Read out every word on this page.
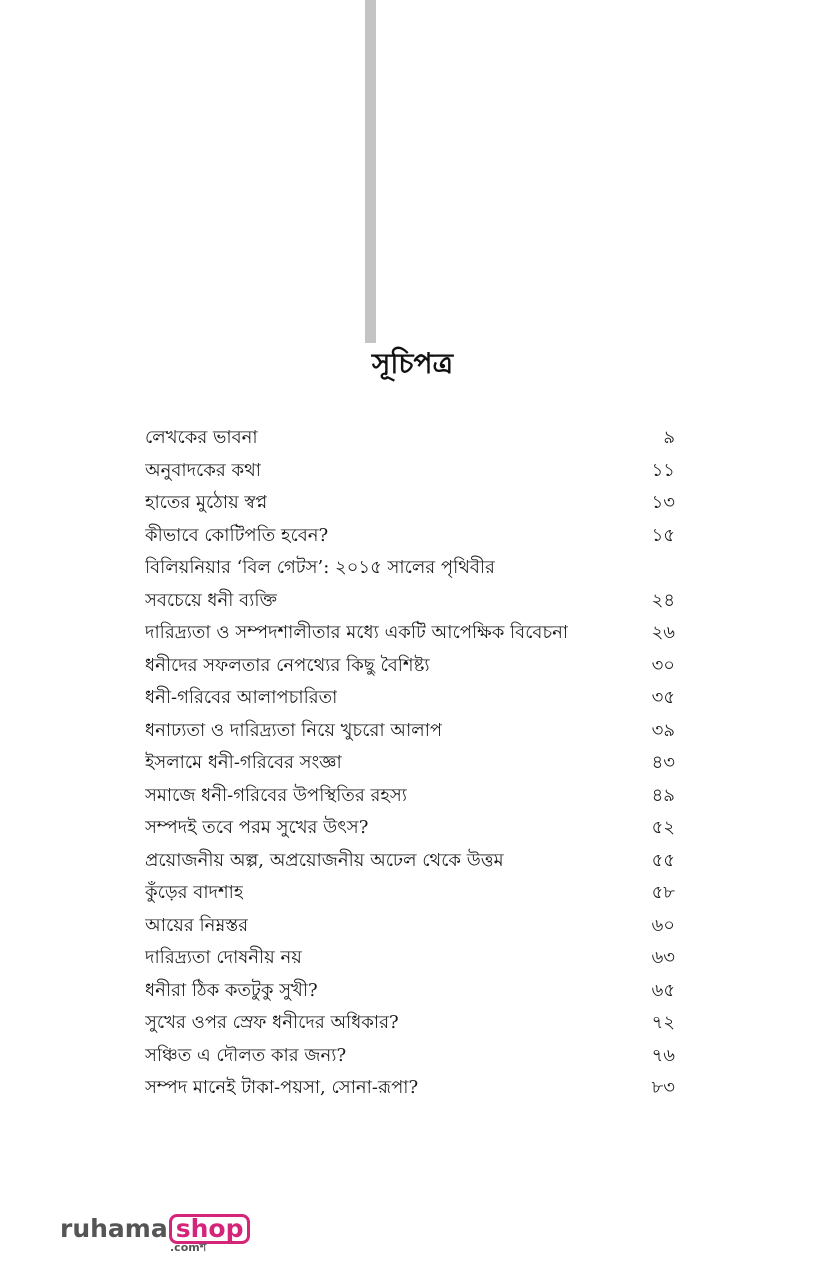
সূচিপত্র
লেখকের ভাবনা	৯
অনুবাদকের কথা	১১
হাতের মুঠোয় স্বপ্ন	১৩
কীভাবে কোটিপতি হবেন?	১৫
বিলিয়নিয়ার ‘বিল গেটস’: ২০১৫ সালের পৃথিবীর
সবচেয়ে ধনী ব্যক্তি	২৪
দারিদ্র্যতা ও সম্পদশালীতার মধ্যে একটি আপেক্ষিক বিবেচনা	২৬
ধনীদের সফলতার নেপথ্যের কিছু বৈশিষ্ট্য	৩০
ধনী-গরিবের আলাপচারিতা	৩৫
ধনাঢ্যতা ও দারিদ্র্যতা নিয়ে খুচরো আলাপ	৩৯
ইসলামে ধনী-গরিবের সংজ্ঞা	৪৩
সমাজে ধনী-গরিবের উপস্থিতির রহস্য	৪৯
সম্পদই তবে পরম সুখের উৎস?	৫২
প্রয়োজনীয় অল্প, অপ্রয়োজনীয় অঢেল থেকে উত্তম	৫৫
কুঁড়ের বাদশাহ	৫৮
আয়ের নিম্নস্তর	৬০
দারিদ্র্যতা দোষনীয় নয়	৬৩
ধনীরা ঠিক কতটুকু সুখী?	৬৫
সুখের ওপর স্রেফ ধনীদের অধিকার?	৭২
সঞ্চিত এ দৌলত কার জন্য?	৭৬
সম্পদ মানেই টাকা-পয়সা, সোনা-রূপা?	৮৩
ruhama shop
.comশ
